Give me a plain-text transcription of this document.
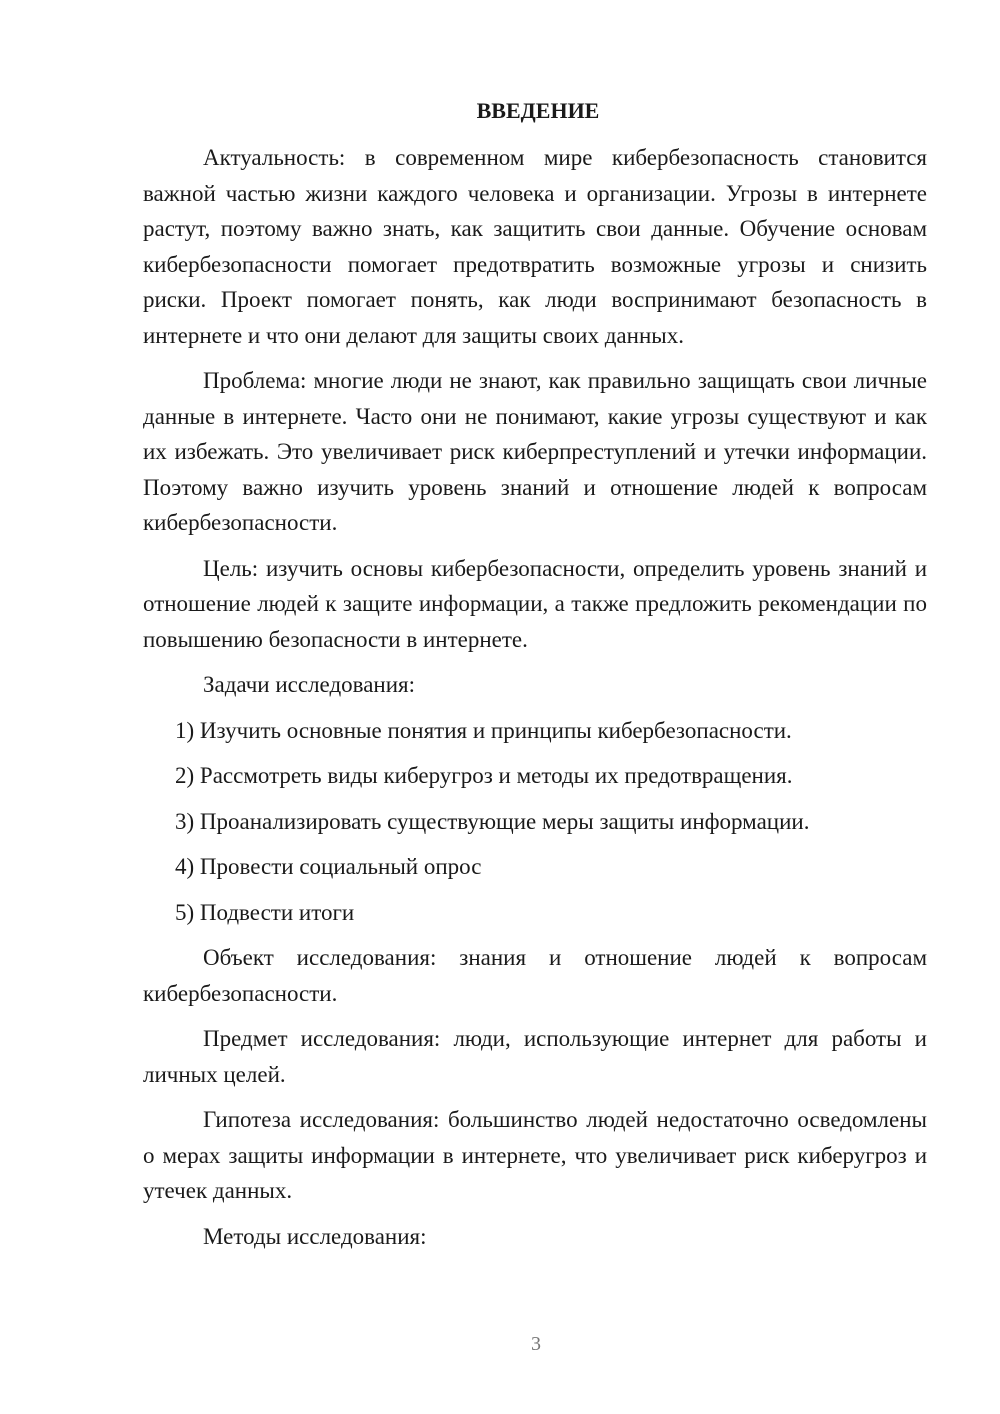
ВВЕДЕНИЕ

Актуальность: в современном мире кибербезопасность становится важной частью жизни каждого человека и организации. Угрозы в интернете растут, поэтому важно знать, как защитить свои данные. Обучение основам кибербезопасности помогает предотвратить возможные угрозы и снизить риски. Проект помогает понять, как люди воспринимают безопасность в интернете и что они делают для защиты своих данных.

Проблема: многие люди не знают, как правильно защищать свои личные данные в интернете. Часто они не понимают, какие угрозы существуют и как их избежать. Это увеличивает риск киберпреступлений и утечки информации. Поэтому важно изучить уровень знаний и отношение людей к вопросам кибербезопасности.

Цель: изучить основы кибербезопасности, определить уровень знаний и отношение людей к защите информации, а также предложить рекомендации по повышению безопасности в интернете.

Задачи исследования:

1) Изучить основные понятия и принципы кибербезопасности.
2) Рассмотреть виды киберугроз и методы их предотвращения.
3) Проанализировать существующие меры защиты информации.
4) Провести социальный опрос
5) Подвести итоги

Объект исследования: знания и отношение людей к вопросам кибербезопасности.

Предмет исследования: люди, использующие интернет для работы и личных целей.

Гипотеза исследования: большинство людей недостаточно осведомлены о мерах защиты информации в интернете, что увеличивает риск киберугроз и утечек данных.

Методы исследования:

3
